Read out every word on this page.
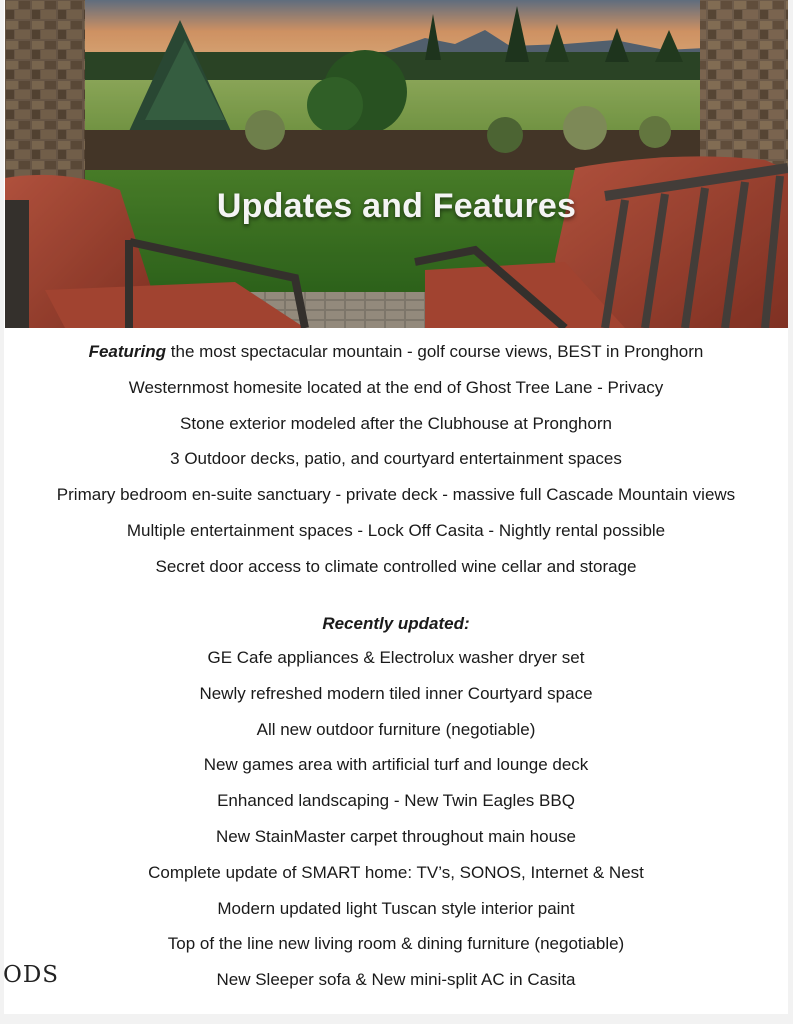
Updates and Features
Featuring the most spectacular mountain - golf course views, BEST in Pronghorn
Westernmost homesite located at the end of Ghost Tree Lane - Privacy
Stone exterior modeled after the Clubhouse at Pronghorn
3 Outdoor decks, patio, and courtyard entertainment spaces
Primary bedroom en-suite sanctuary - private deck - massive full Cascade Mountain views
Multiple entertainment spaces - Lock Off Casita - Nightly rental possible
Secret door access to climate controlled wine cellar and storage
Recently updated:
GE Cafe appliances & Electrolux washer dryer set
Newly refreshed modern tiled inner Courtyard space
All new outdoor furniture (negotiable)
New games area with artificial turf and lounge deck
Enhanced landscaping - New Twin Eagles BBQ
New StainMaster carpet throughout main house
Complete update of SMART home: TV’s, SONOS, Internet & Nest
Modern updated light Tuscan style interior paint
Top of the line new living room & dining furniture (negotiable)
New Sleeper sofa & New mini-split AC in Casita

ODS
